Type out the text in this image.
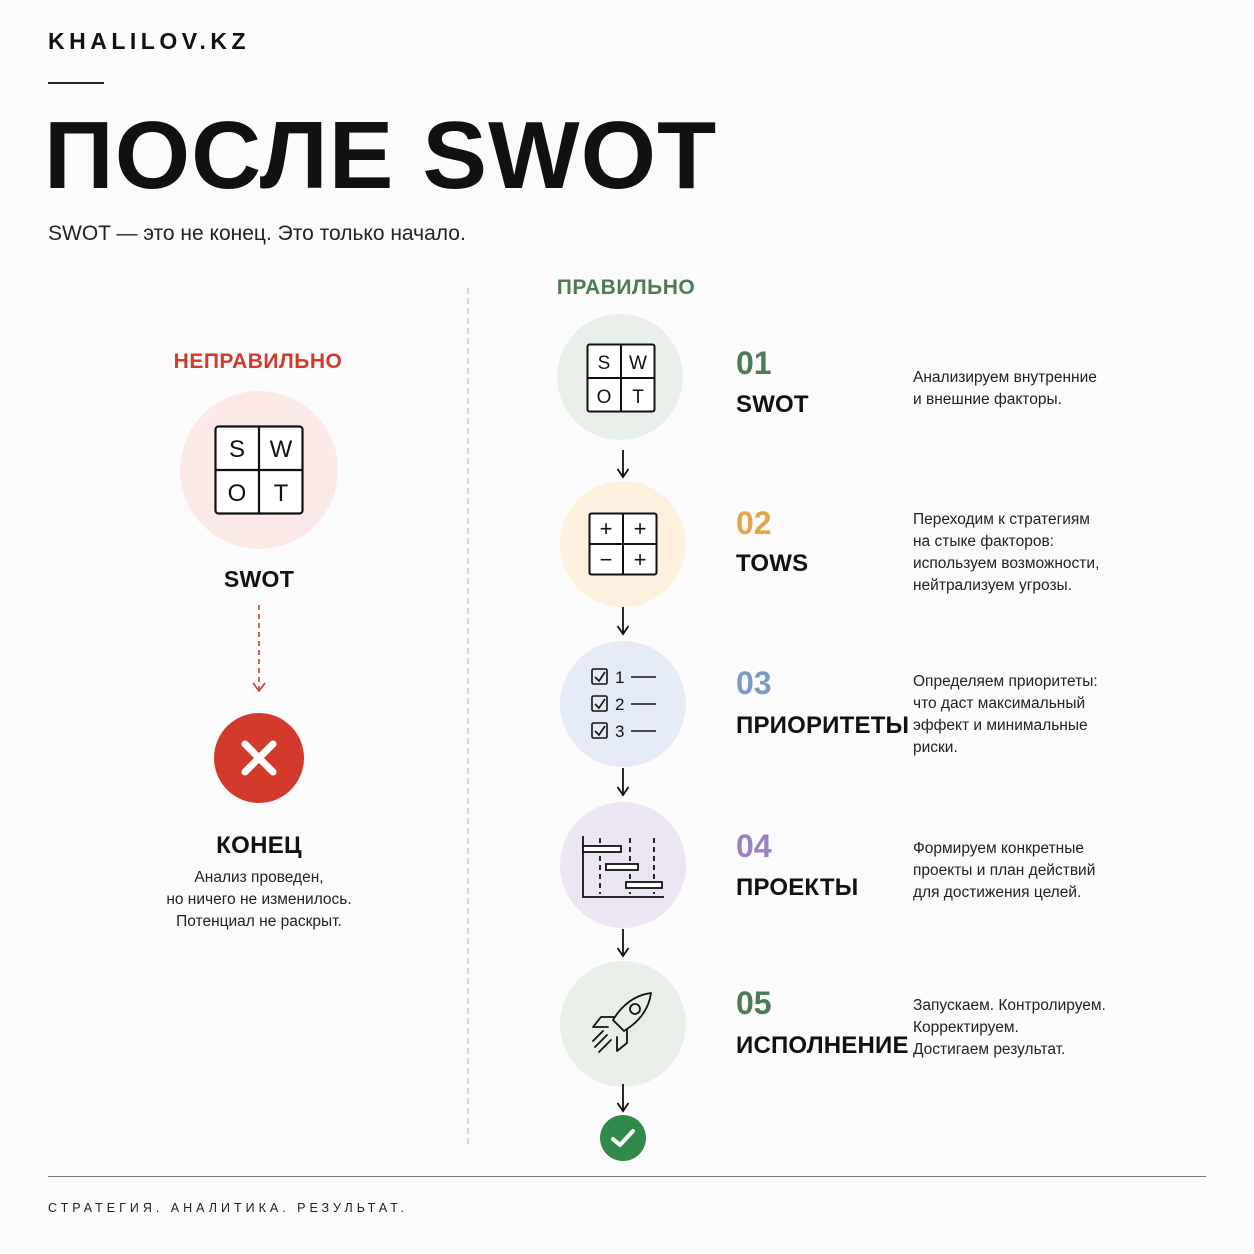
KHALILOV.KZ
ПОСЛЕ SWOT
SWOT — это не конец. Это только начало.
НЕПРАВИЛЬНО
S W
O T
SWOT
КОНЕЦ
Анализ проведен,
но ничего не изменилось.
Потенциал не раскрыт.
ПРАВИЛЬНО
S W
O T
01
SWOT
Анализируем внутренние
и внешние факторы.
+ +
− +
02
TOWS
Переходим к стратегиям
на стыке факторов:
используем возможности,
нейтрализуем угрозы.
1
2
3
03
ПРИОРИТЕТЫ
Определяем приоритеты:
что даст максимальный
эффект и минимальные
риски.
04
ПРОЕКТЫ
Формируем конкретные
проекты и план действий
для достижения целей.
05
ИСПОЛНЕНИЕ
Запускаем. Контролируем.
Корректируем.
Достигаем результат.
СТРАТЕГИЯ. АНАЛИТИКА. РЕЗУЛЬТАТ.
